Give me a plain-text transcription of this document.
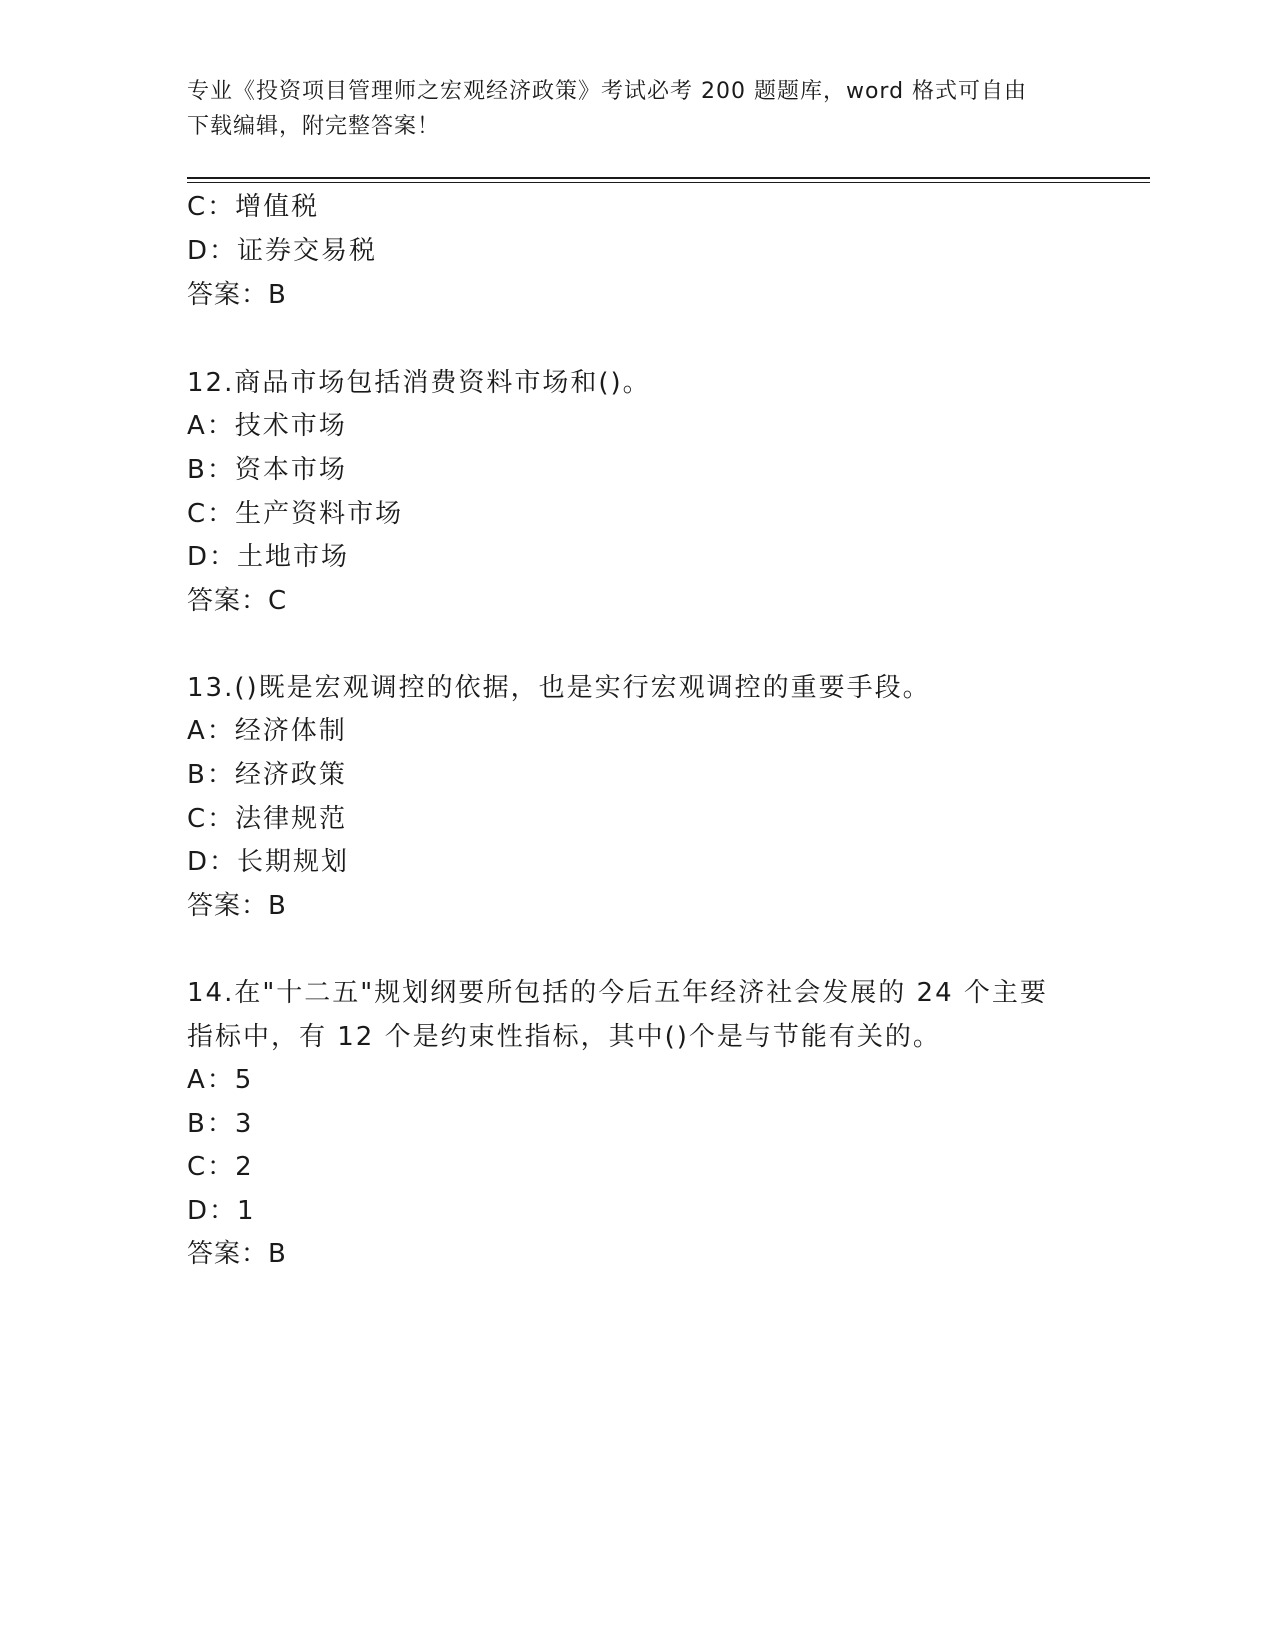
专业《投资项目管理师之宏观经济政策》考试必考 200 题题库，word 格式可自由
下载编辑，附完整答案！
C：增值税
D：证券交易税
答案：B
12.商品市场包括消费资料市场和()。
A：技术市场
B：资本市场
C：生产资料市场
D：土地市场
答案：C
13.()既是宏观调控的依据，也是实行宏观调控的重要手段。
A：经济体制
B：经济政策
C：法律规范
D：长期规划
答案：B
14.在"十二五"规划纲要所包括的今后五年经济社会发展的 24 个主要
指标中，有 12 个是约束性指标，其中()个是与节能有关的。
A：5
B：3
C：2
D：1
答案：B
